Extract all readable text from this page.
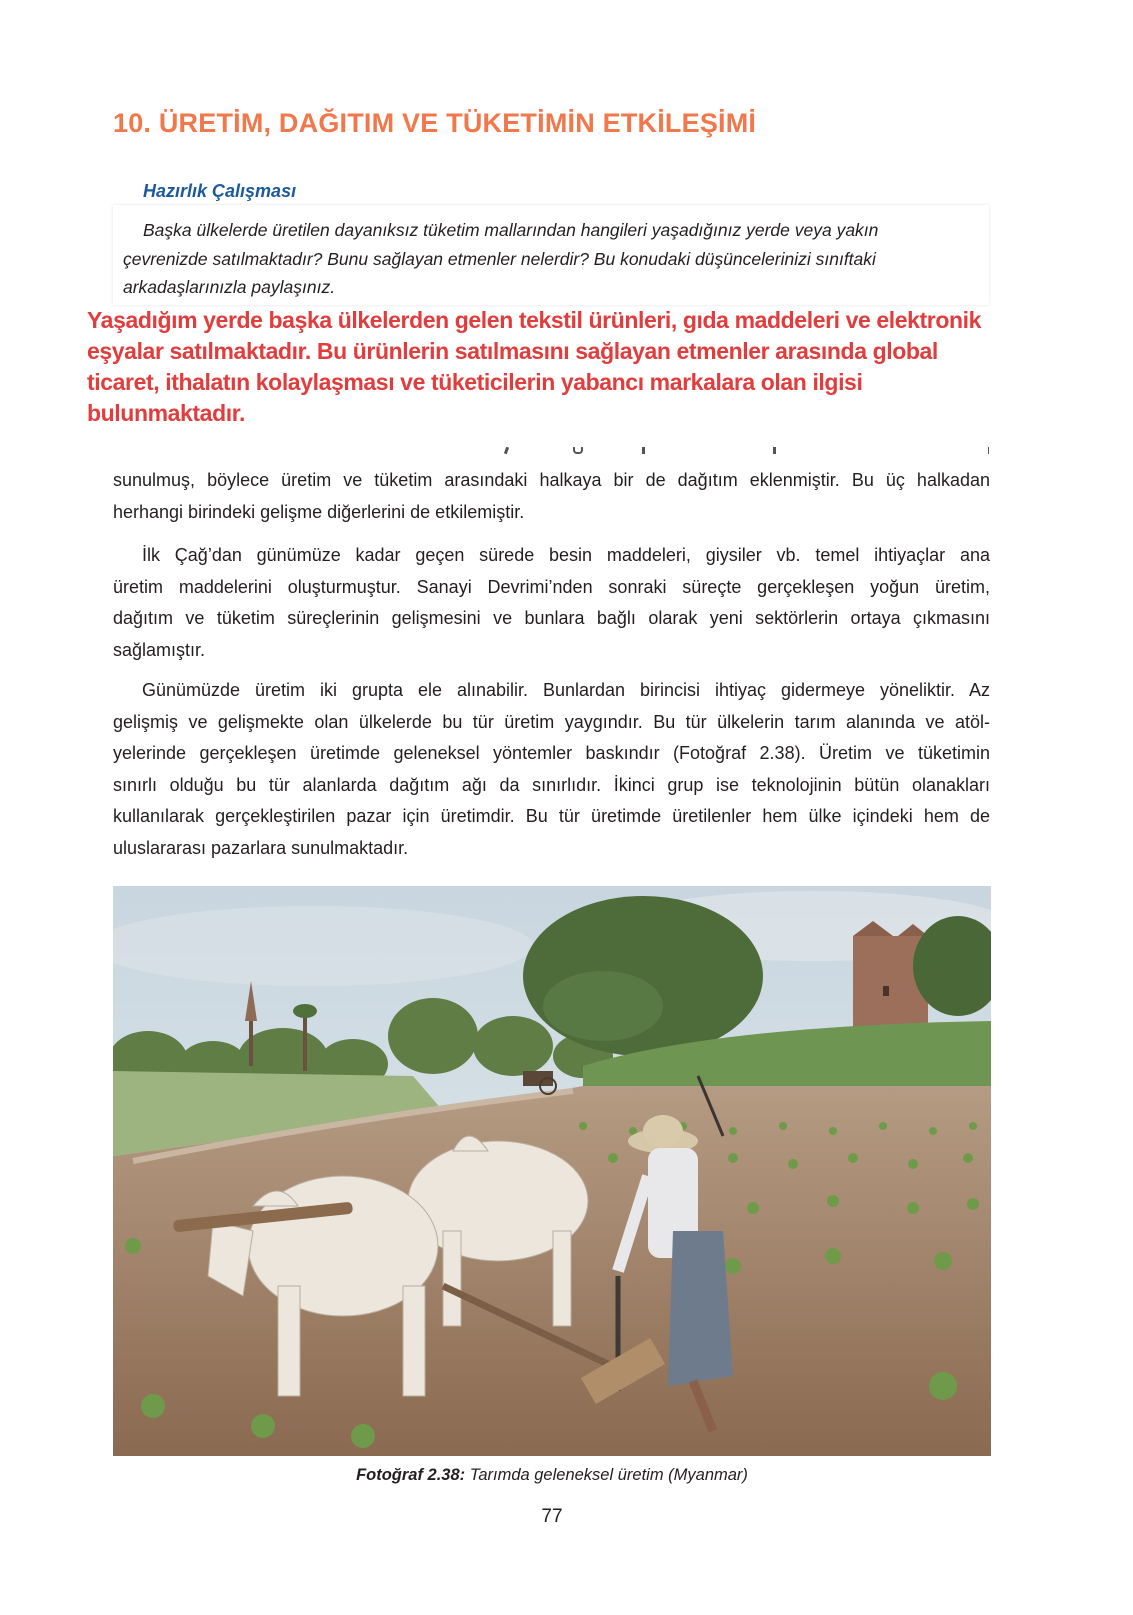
10. ÜRETİM, DAĞITIM VE TÜKETİMİN ETKİLEŞİMİ
Hazırlık Çalışması
Başka ülkelerde üretilen dayanıksız tüketim mallarından hangileri yaşadığınız yerde veya yakın
çevrenizde satılmaktadır? Bunu sağlayan etmenler nelerdir? Bu konudaki düşüncelerinizi sınıftaki
arkadaşlarınızla paylaşınız.
Yaşadığım yerde başka ülkelerden gelen tekstil ürünleri, gıda maddeleri ve elektronik
eşyalar satılmaktadır. Bu ürünlerin satılmasını sağlayan etmenler arasında global
ticaret, ithalatın kolaylaşması ve tüketicilerin yabancı markalara olan ilgisi
bulunmaktadır.
sunulmuş, böylece üretim ve tüketim arasındaki halkaya bir de dağıtım eklenmiştir. Bu üç halkadan
herhangi birindeki gelişme diğerlerini de etkilemiştir.
İlk Çağ’dan günümüze kadar geçen sürede besin maddeleri, giysiler vb. temel ihtiyaçlar ana
üretim maddelerini oluşturmuştur. Sanayi Devrimi’nden sonraki süreçte gerçekleşen yoğun üretim,
dağıtım ve tüketim süreçlerinin gelişmesini ve bunlara bağlı olarak yeni sektörlerin ortaya çıkmasını
sağlamıştır.
Günümüzde üretim iki grupta ele alınabilir. Bunlardan birincisi ihtiyaç gidermeye yöneliktir. Az
gelişmiş ve gelişmekte olan ülkelerde bu tür üretim yaygındır. Bu tür ülkelerin tarım alanında ve atöl-
yelerinde gerçekleşen üretimde geleneksel yöntemler baskındır (Fotoğraf 2.38). Üretim ve tüketimin
sınırlı olduğu bu tür alanlarda dağıtım ağı da sınırlıdır. İkinci grup ise teknolojinin bütün olanakları
kullanılarak gerçekleştirilen pazar için üretimdir. Bu tür üretimde üretilenler hem ülke içindeki hem de
uluslararası pazarlara sunulmaktadır.
Fotoğraf 2.38: Tarımda geleneksel üretim (Myanmar)
77
